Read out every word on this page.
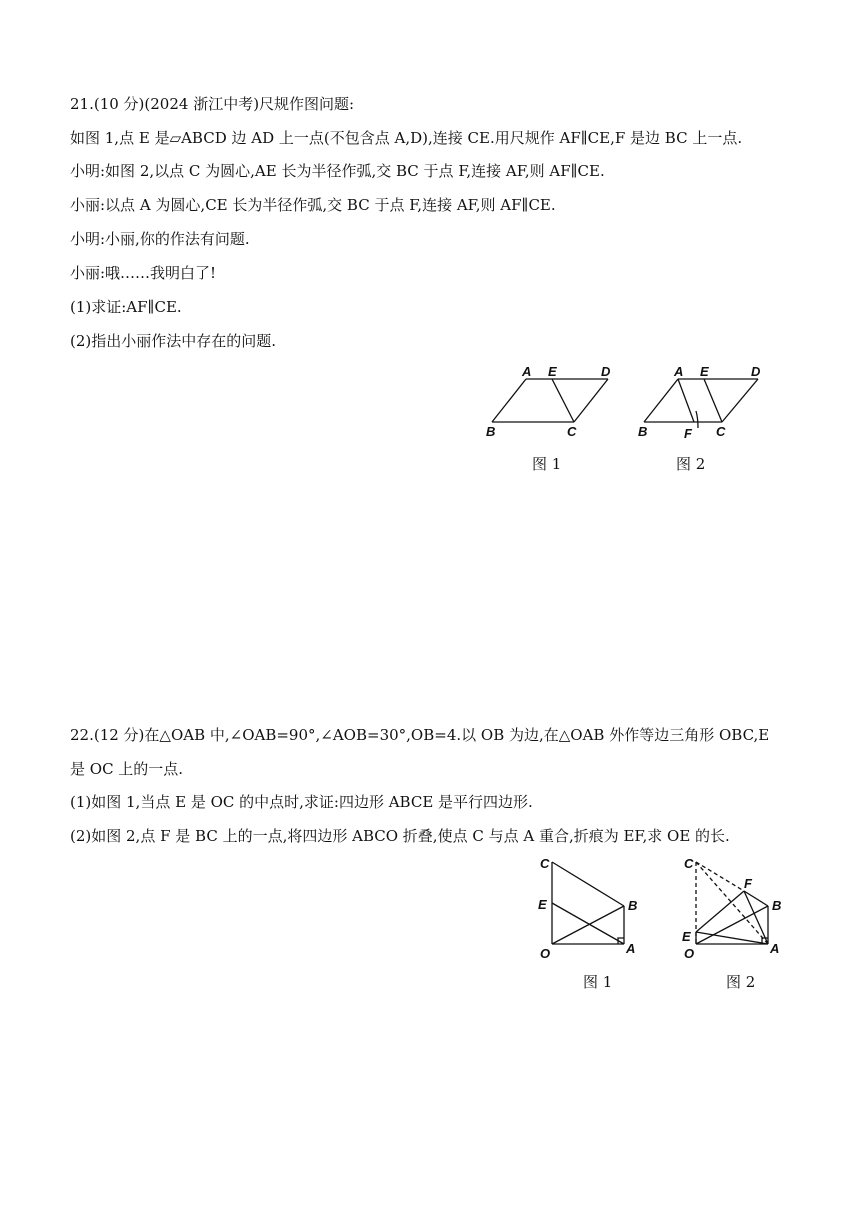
21.(10 分)(2024 浙江中考)尺规作图问题:
如图 1,点 E 是▱ABCD 边 AD 上一点(不包含点 A,D),连接 CE.用尺规作 AF∥CE,F 是边 BC 上一点.
小明:如图 2,以点 C 为圆心,AE 长为半径作弧,交 BC 于点 F,连接 AF,则 AF∥CE.
小丽:以点 A 为圆心,CE 长为半径作弧,交 BC 于点 F,连接 AF,则 AF∥CE.
小明:小丽,你的作法有问题.
小丽:哦……我明白了!
(1)求证:AF∥CE.
(2)指出小丽作法中存在的问题.
A E	D
B	C
图 1
A E	D
B	F C
图 2
22.(12 分)在△OAB 中,∠OAB=90°,∠AOB=30°,OB=4.以 OB 为边,在△OAB 外作等边三角形 OBC,E
是 OC 上的一点.
(1)如图 1,当点 E 是 OC 的中点时,求证:四边形 ABCE 是平行四边形.
(2)如图 2,点 F 是 BC 上的一点,将四边形 ABCO 折叠,使点 C 与点 A 重合,折痕为 EF,求 OE 的长.
C
E	B
O	A
图 1
C
F
B
E
O	A
图 2
